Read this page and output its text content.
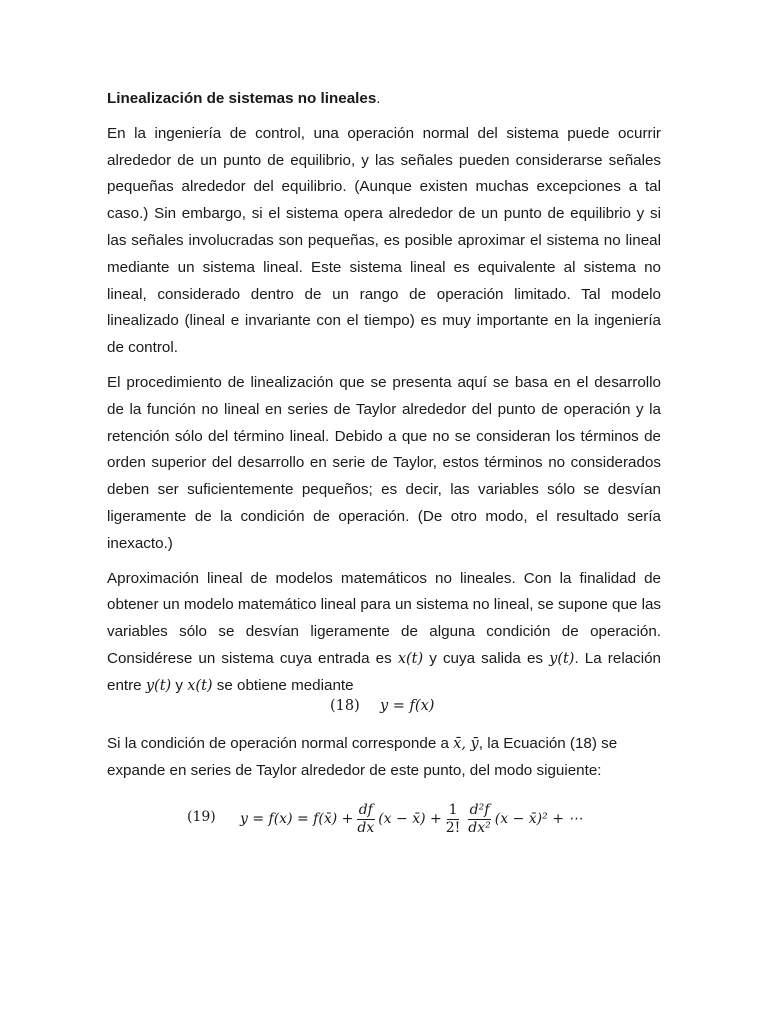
Linealización de sistemas no lineales.

En la ingeniería de control, una operación normal del sistema puede ocurrir alrededor de un punto de equilibrio, y las señales pueden considerarse señales pequeñas alrededor del equilibrio. (Aunque existen muchas excepciones a tal caso.) Sin embargo, si el sistema opera alrededor de un punto de equilibrio y si las señales involucradas son pequeñas, es posible aproximar el sistema no lineal mediante un sistema lineal. Este sistema lineal es equivalente al sistema no lineal, considerado dentro de un rango de operación limitado. Tal modelo linealizado (lineal e invariante con el tiempo) es muy importante en la ingeniería de control.

El procedimiento de linealización que se presenta aquí se basa en el desarrollo de la función no lineal en series de Taylor alrededor del punto de operación y la retención sólo del término lineal. Debido a que no se consideran los términos de orden superior del desarrollo en serie de Taylor, estos términos no considerados deben ser suficientemente pequeños; es decir, las variables sólo se desvían ligeramente de la condición de operación. (De otro modo, el resultado sería inexacto.)

Aproximación lineal de modelos matemáticos no lineales. Con la finalidad de obtener un modelo matemático lineal para un sistema no lineal, se supone que las variables sólo se desvían ligeramente de alguna condición de operación. Considérese un sistema cuya entrada es x(t) y cuya salida es y(t). La relación entre y(t) y x(t) se obtiene mediante

(18) y = f(x)
Si la condición de operación normal corresponde a x̄, ȳ, la Ecuación (18) se expande en series de Taylor alrededor de este punto, del modo siguiente:
(19) y = f(x) = f(x̄) + $\frac{df}{dx} (x$ − x̄) + $\frac{1}{2!} \frac{\text{d²f}}{\text{dx²}} (x$ − x̄)² + ⋯
